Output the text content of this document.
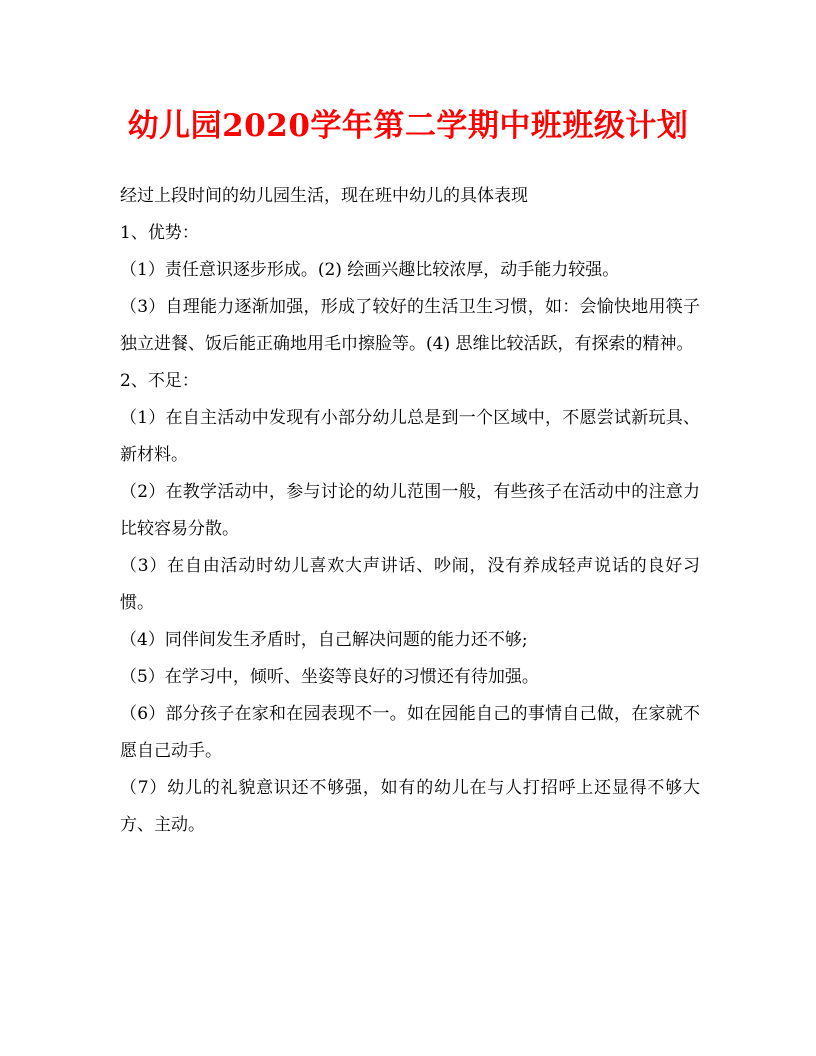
幼儿园2020学年第二学期中班班级计划

经过上段时间的幼儿园生活，现在班中幼儿的具体表现

1、优势：

（1）责任意识逐步形成。(2) 绘画兴趣比较浓厚，动手能力较强。

（3）自理能力逐渐加强，形成了较好的生活卫生习惯，如：会愉快地用筷子独立进餐、饭后能正确地用毛巾擦脸等。(4) 思维比较活跃，有探索的精神。

2、不足：

（1）在自主活动中发现有小部分幼儿总是到一个区域中，不愿尝试新玩具、新材料。

（2）在教学活动中，参与讨论的幼儿范围一般，有些孩子在活动中的注意力比较容易分散。

（3）在自由活动时幼儿喜欢大声讲话、吵闹，没有养成轻声说话的良好习惯。

（4）同伴间发生矛盾时，自己解决问题的能力还不够;

（5）在学习中，倾听、坐姿等良好的习惯还有待加强。

（6）部分孩子在家和在园表现不一。如在园能自己的事情自己做，在家就不愿自己动手。

（7）幼儿的礼貌意识还不够强，如有的幼儿在与人打招呼上还显得不够大方、主动。
